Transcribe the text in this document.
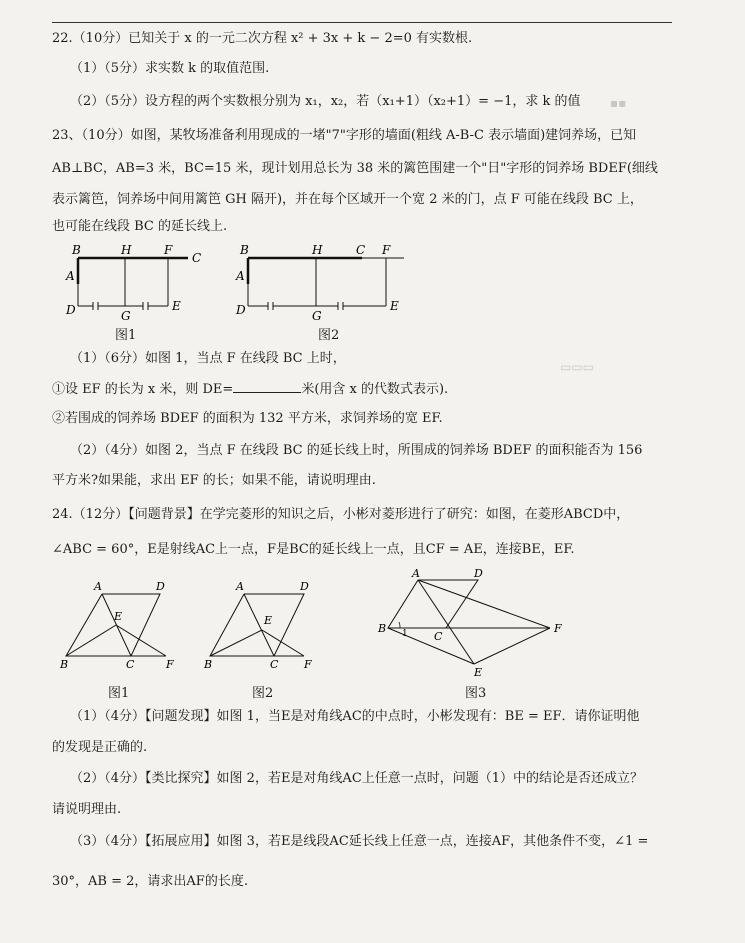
▪▪
▭▭▭
22.（10分）已知关于 x 的一元二次方程 x² + 3x + k − 2=0 有实数根.
（1）（5分）求实数 k 的取值范围.
（2）（5分）设方程的两个实数根分别为 x₁，x₂，若（x₁+1）（x₂+1）= −1，求 k 的值
23、（10分）如图，某牧场准备利用现成的一堵"7"字形的墙面(粗线 A-B-C 表示墙面)建饲养场，已知
AB⊥BC，AB=3 米，BC=15 米，现计划用总长为 38 米的篱笆围建一个"日"字形的饲养场 BDEF(细线
表示篱笆，饲养场中间用篱笆 GH 隔开)，并在每个区域开一个宽 2 米的门，点 F 可能在线段 BC 上，
也可能在线段 BC 的延长线上.
B	H	F
C
A
D	G
E
图1
B	H	C F
A
D	G
E
图2
（1）（6分）如图 1，当点 F 在线段 BC 上时，
①设 EF 的长为 x 米，则 DE=	米(用含 x 的代数式表示).
②若围成的饲养场 BDEF 的面积为 132 平方米，求饲养场的宽 EF.
（2）（4分）如图 2，当点 F 在线段 BC 的延长线上时，所围成的饲养场 BDEF 的面积能否为 156
平方米?如果能，求出 EF 的长；如果不能，请说明理由.
24.（12分）【问题背景】在学完菱形的知识之后，小彬对菱形进行了研究：如图，在菱形ABCD中，
∠ABC = 60°，E是射线AC上一点，F是BC的延长线上一点，且CF = AE，连接BE，EF.
A	D
E
B	C	F
图1
A	D
E
B	C F
图2
A	D
B 1 C
F
E
图3
（1）（4分）【问题发现】如图 1，当E是对角线AC的中点时，小彬发现有：BE = EF．请你证明他
的发现是正确的.
（2）（4分）【类比探究】如图 2，若E是对角线AC上任意一点时，问题（1）中的结论是否还成立？
请说明理由.
（3）（4分）【拓展应用】如图 3，若E是线段AC延长线上任意一点，连接AF，其他条件不变，∠1 =
30°，AB = 2，请求出AF的长度.
